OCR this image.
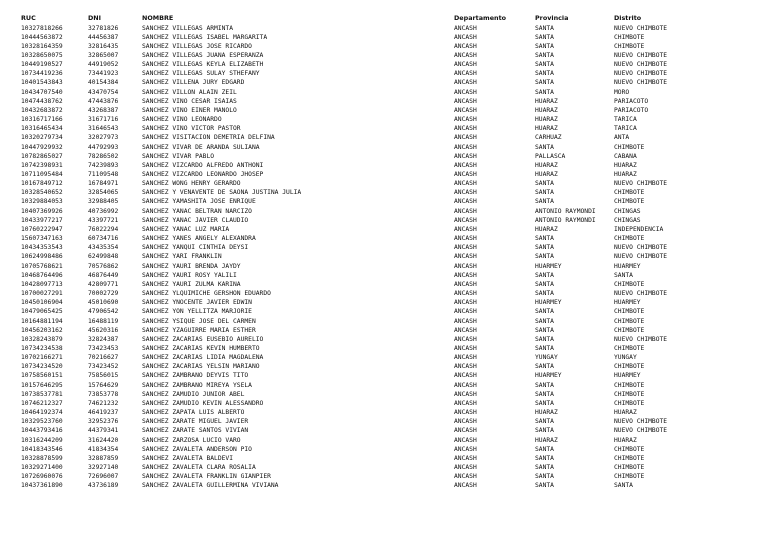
RUC	DNI	NOMBRE	Departamento	Provincia	Distrito
10327818266	32781826	SANCHEZ VILLEGAS ARMINTA	ANCASH	SANTA	NUEVO CHIMBOTE
10444563872	44456387	SANCHEZ VILLEGAS ISABEL MARGARITA	ANCASH	SANTA	CHIMBOTE
10328164359	32816435	SANCHEZ VILLEGAS JOSE RICARDO	ANCASH	SANTA	CHIMBOTE
10328650075	32865007	SANCHEZ VILLEGAS JUANA ESPERANZA	ANCASH	SANTA	NUEVO CHIMBOTE
10449190527	44919052	SANCHEZ VILLEGAS KEYLA ELIZABETH	ANCASH	SANTA	NUEVO CHIMBOTE
10734419236	73441923	SANCHEZ VILLEGAS SULAY STHEFANY	ANCASH	SANTA	NUEVO CHIMBOTE
10401543843	40154384	SANCHEZ VILLENA JURY EDGARD	ANCASH	SANTA	NUEVO CHIMBOTE
10434707540	43470754	SANCHEZ VILLON ALAIN ZEIL	ANCASH	SANTA	MORO
10474438762	47443876	SANCHEZ VINO CESAR ISAIAS	ANCASH	HUARAZ	PARIACOTO
10432683872	43268387	SANCHEZ VINO EINER MANOLO	ANCASH	HUARAZ	PARIACOTO
10316717166	31671716	SANCHEZ VINO LEONARDO	ANCASH	HUARAZ	TARICA
10316465434	31646543	SANCHEZ VINO VICTOR PASTOR	ANCASH	HUARAZ	TARICA
10320279734	32027973	SANCHEZ VISITACION DEMETRIA DELFINA	ANCASH	CARHUAZ	ANTA
10447929932	44792993	SANCHEZ VIVAR DE ARANDA SULIANA	ANCASH	SANTA	CHIMBOTE
10782865027	78286502	SANCHEZ VIVAR PABLO	ANCASH	PALLASCA	CABANA
10742398931	74239893	SANCHEZ VIZCARDO ALFREDO ANTHONI	ANCASH	HUARAZ	HUARAZ
10711095484	71109548	SANCHEZ VIZCARDO LEONARDO JHOSEP	ANCASH	HUARAZ	HUARAZ
10167849712	16784971	SANCHEZ WONG HENRY GERARDO	ANCASH	SANTA	NUEVO CHIMBOTE
10328540652	32854065	SANCHEZ Y VENAVENTE DE SAONA JUSTINA JULIA	ANCASH	SANTA	CHIMBOTE
10329884053	32988405	SANCHEZ YAMASHITA JOSE ENRIQUE	ANCASH	SANTA	CHIMBOTE
10407369926	40736992	SANCHEZ YANAC BELTRAN NARCIZO	ANCASH	ANTONIO RAYMONDI	CHINGAS
10433977217	43397721	SANCHEZ YANAC JAVIER CLAUDIO	ANCASH	ANTONIO RAYMONDI	CHINGAS
10760222947	76022294	SANCHEZ YANAC LUZ MARIA	ANCASH	HUARAZ	INDEPENDENCIA
15607347163	60734716	SANCHEZ YANES ANGELY ALEXANDRA	ANCASH	SANTA	CHIMBOTE
10434353543	43435354	SANCHEZ YANQUI CINTHIA DEYSI	ANCASH	SANTA	NUEVO CHIMBOTE
10624998486	62499848	SANCHEZ YARI FRANKLIN	ANCASH	SANTA	NUEVO CHIMBOTE
10705768621	70576862	SANCHEZ YAURI BRENDA JAYDY	ANCASH	HUARMEY	HUARMEY
10468764496	46876449	SANCHEZ YAURI ROSY YALILI	ANCASH	SANTA	SANTA
10428097713	42809771	SANCHEZ YAURI ZULMA KARINA	ANCASH	SANTA	CHIMBOTE
10700027291	70002729	SANCHEZ YLQUIMICHE GERSHON EDUARDO	ANCASH	SANTA	NUEVO CHIMBOTE
10450106904	45010690	SANCHEZ YNOCENTE JAVIER EDWIN	ANCASH	HUARMEY	HUARMEY
10479065425	47906542	SANCHEZ YON YELLITZA MARJORIE	ANCASH	SANTA	CHIMBOTE
10164881194	16488119	SANCHEZ YSIQUE JOSE DEL CARMEN	ANCASH	SANTA	CHIMBOTE
10456203162	45620316	SANCHEZ YZAGUIRRE MARIA ESTHER	ANCASH	SANTA	CHIMBOTE
10328243879	32824387	SANCHEZ ZACARIAS EUSEBIO AURELIO	ANCASH	SANTA	NUEVO CHIMBOTE
10734234538	73423453	SANCHEZ ZACARIAS KEVIN HUMBERTO	ANCASH	SANTA	CHIMBOTE
10702166271	70216627	SANCHEZ ZACARIAS LIDIA MAGDALENA	ANCASH	YUNGAY	YUNGAY
10734234520	73423452	SANCHEZ ZACARIAS YELSIN MARIANO	ANCASH	SANTA	CHIMBOTE
10758560151	75856015	SANCHEZ ZAMBRANO DEYVIS TITO	ANCASH	HUARMEY	HUARMEY
10157646295	15764629	SANCHEZ ZAMBRANO MIREYA YSELA	ANCASH	SANTA	CHIMBOTE
10738537781	73853778	SANCHEZ ZAMUDIO JUNIOR ABEL	ANCASH	SANTA	CHIMBOTE
10746212327	74621232	SANCHEZ ZAMUDIO KEVIN ALESSANDRO	ANCASH	SANTA	CHIMBOTE
10464192374	46419237	SANCHEZ ZAPATA LUIS ALBERTO	ANCASH	HUARAZ	HUARAZ
10329523760	32952376	SANCHEZ ZARATE MIGUEL JAVIER	ANCASH	SANTA	NUEVO CHIMBOTE
10443793416	44379341	SANCHEZ ZARATE SANTOS VIVIAN	ANCASH	SANTA	NUEVO CHIMBOTE
10316244209	31624420	SANCHEZ ZARZOSA LUCIO VARO	ANCASH	HUARAZ	HUARAZ
10418343546	41834354	SANCHEZ ZAVALETA ANDERSON PIO	ANCASH	SANTA	CHIMBOTE
10328878599	32887859	SANCHEZ ZAVALETA BALDEVI	ANCASH	SANTA	CHIMBOTE
10329271400	32927140	SANCHEZ ZAVALETA CLARA ROSALIA	ANCASH	SANTA	CHIMBOTE
10726960076	72696007	SANCHEZ ZAVALETA FRANKLIN GIANPIER	ANCASH	SANTA	CHIMBOTE
10437361890	43736189	SANCHEZ ZAVALETA GUILLERMINA VIVIANA	ANCASH	SANTA	SANTA
